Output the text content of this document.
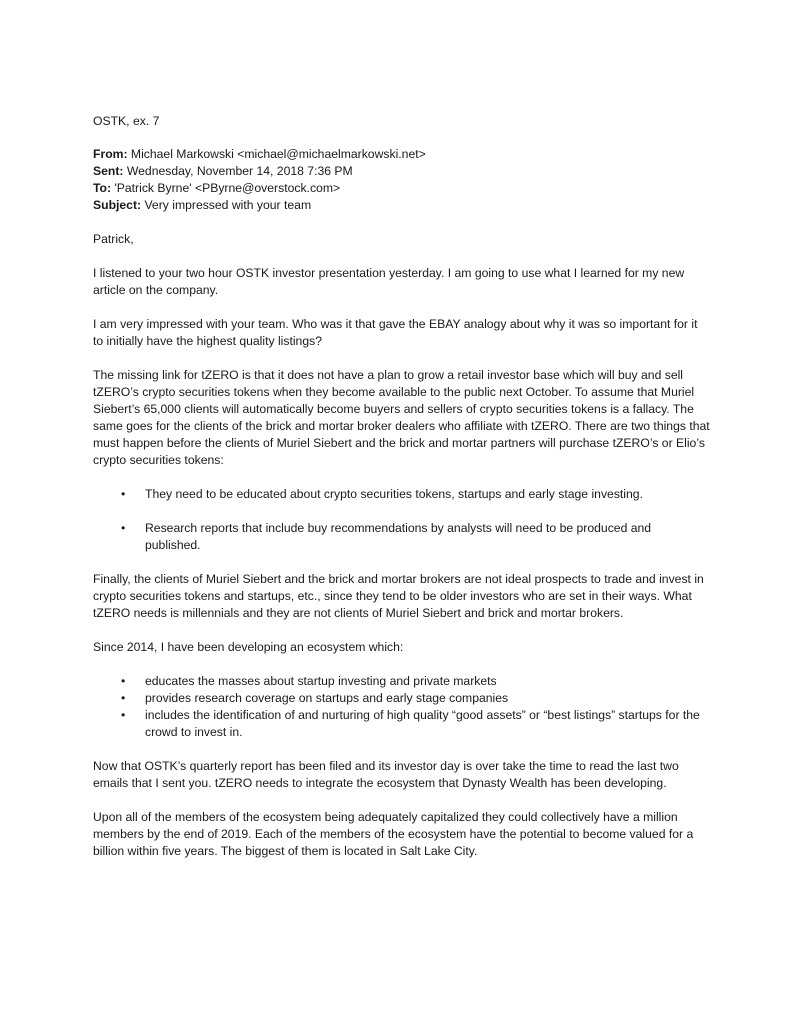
OSTK, ex. 7
From: Michael Markowski <michael@michaelmarkowski.net>
Sent: Wednesday, November 14, 2018 7:36 PM
To: 'Patrick Byrne' <PByrne@overstock.com>
Subject: Very impressed with your team

Patrick,

I listened to your two hour OSTK investor presentation yesterday. I am going to use what I learned for my new article on the company.

I am very impressed with your team. Who was it that gave the EBAY analogy about why it was so important for it to initially have the highest quality listings?

The missing link for tZERO is that it does not have a plan to grow a retail investor base which will buy and sell tZERO’s crypto securities tokens when they become available to the public next October. To assume that Muriel Siebert’s 65,000 clients will automatically become buyers and sellers of crypto securities tokens is a fallacy. The same goes for the clients of the brick and mortar broker dealers who affiliate with tZERO. There are two things that must happen before the clients of Muriel Siebert and the brick and mortar partners will purchase tZERO’s or Elio’s crypto securities tokens:

• They need to be educated about crypto securities tokens, startups and early stage investing.
• Research reports that include buy recommendations by analysts will need to be produced and published.

Finally, the clients of Muriel Siebert and the brick and mortar brokers are not ideal prospects to trade and invest in crypto securities tokens and startups, etc., since they tend to be older investors who are set in their ways. What tZERO needs is millennials and they are not clients of Muriel Siebert and brick and mortar brokers.

Since 2014, I have been developing an ecosystem which:

• educates the masses about startup investing and private markets
• provides research coverage on startups and early stage companies
• includes the identification of and nurturing of high quality “good assets” or “best listings” startups for the crowd to invest in.

Now that OSTK’s quarterly report has been filed and its investor day is over take the time to read the last two emails that I sent you. tZERO needs to integrate the ecosystem that Dynasty Wealth has been developing.

Upon all of the members of the ecosystem being adequately capitalized they could collectively have a million members by the end of 2019. Each of the members of the ecosystem have the potential to become valued for a billion within five years. The biggest of them is located in Salt Lake City.
